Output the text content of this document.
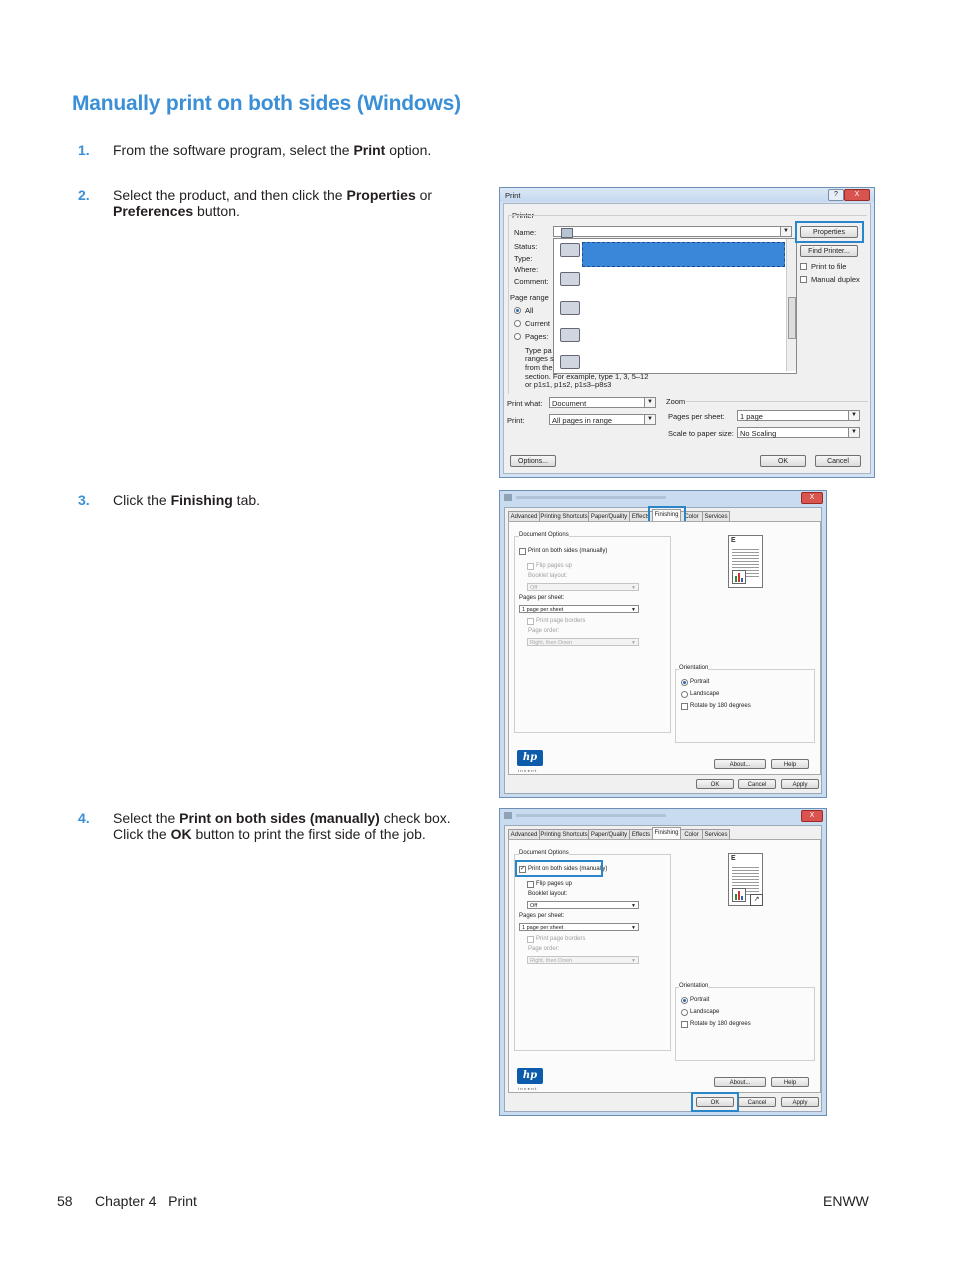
Manually print on both sides (Windows)
1. From the software program, select the Print option.
2. Select the product, and then click the Properties or Preferences button.
3. Click the Finishing tab.
4. Select the Print on both sides (manually) check box. Click the OK button to print the first side of the job.
Print	?	X
Printer
Name:
Status:
Type:
Where:
Comment:
▼
Page range
All
Current
Pages:
Type pa
ranges s
from the
section. For example, type 1, 3, 5–12
or p1s1, p1s2, p1s3–p8s3
Properties
Find Printer...
Print to file
Manual duplex
Print what:	Document	▼
Print:	All pages in range	▼
Zoom
Pages per sheet:	1 page	▼
Scale to paper size: No Scaling	▼
Options...	OK	Cancel
X
Advanced Printing Shortcuts Paper/Quality Effects Finishing Color Services
Document Options
Print on both sides (manually)
Flip pages up
Booklet layout:
Off	▼
Pages per sheet:
1 page per sheet	▼
Print page borders
Page order:
Right, then Down	▼
E
Orientation
Portrait
Landscape
Rotate by 180 degrees
hp
invent
About...	Help
OK	Cancel	Apply
X
Advanced Printing Shortcuts Paper/Quality Effects Finishing Color Services
Document Options
✓ Print on both sides (manually)
Flip pages up
Booklet layout:
Off	▼
Pages per sheet:
1 page per sheet	▼
Print page borders
Page order:
Right, then Down	▼
E
↗
Orientation
Portrait
Landscape
Rotate by 180 degrees
hp
invent
About...	Help
OK	Cancel	Apply
58 Chapter 4   Print	ENWW
